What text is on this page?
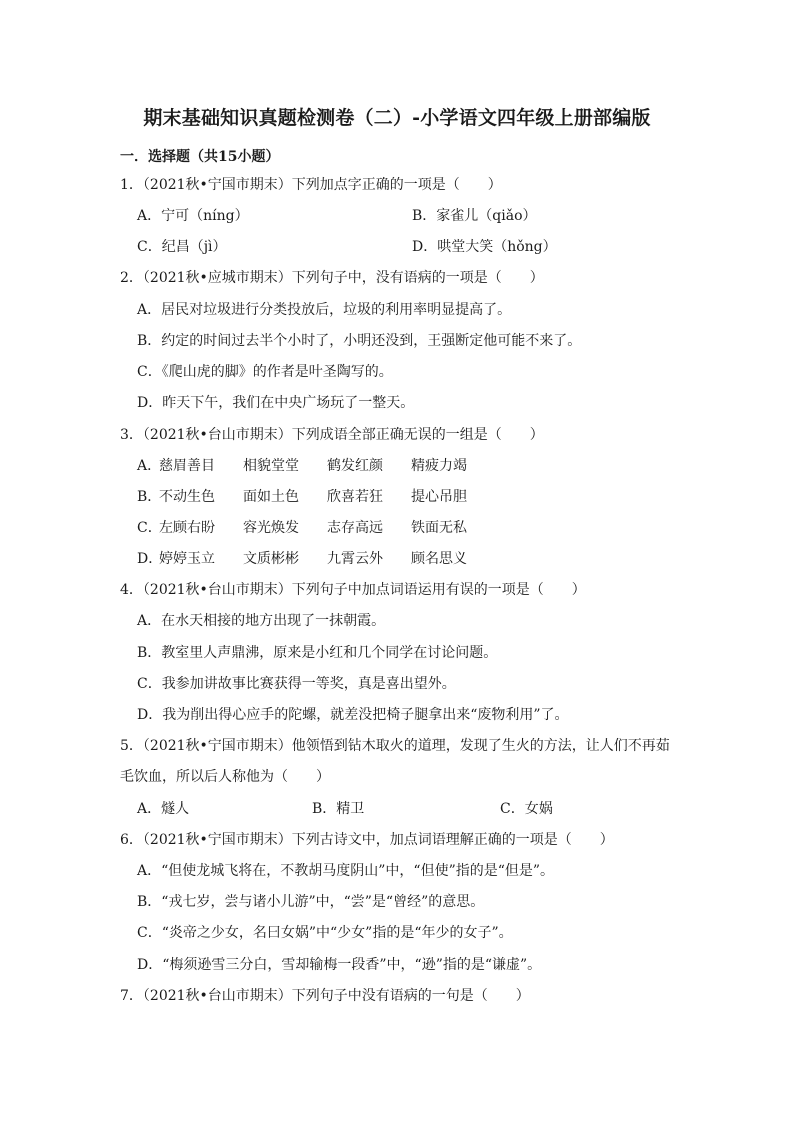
期末基础知识真题检测卷（二）-小学语文四年级上册部编版
一．选择题（共15小题）
1．（2021秋•宁国市期末）下列加点字正确的一项是（　　）
A．宁可（níng）	B．家雀儿（qiǎo）
C．纪昌（jì）	D．哄堂大笑（hǒng）
2．（2021秋•应城市期末）下列句子中，没有语病的一项是（　　）
A．居民对垃圾进行分类投放后，垃圾的利用率明显提高了。
B．约定的时间过去半个小时了，小明还没到，王强断定他可能不来了。
C．《爬山虎的脚》的作者是叶圣陶写的。
D．昨天下午，我们在中央广场玩了一整天。
3．（2021秋•台山市期末）下列成语全部正确无误的一组是（　　）
A．慈眉善目 相貌堂堂 鹤发红颜 精疲力竭
B．不动生色 面如土色 欣喜若狂 提心吊胆
C．左顾右盼 容光焕发 志存高远 铁面无私
D．婷婷玉立 文质彬彬 九霄云外 顾名思义
4．（2021秋•台山市期末）下列句子中加点词语运用有误的一项是（　　）
A．在水天相接的地方出现了一抹朝霞。
B．教室里人声鼎沸，原来是小红和几个同学在讨论问题。
C．我参加讲故事比赛获得一等奖，真是喜出望外。
D．我为削出得心应手的陀螺，就差没把椅子腿拿出来“废物利用”了。
5．（2021秋•宁国市期末）他领悟到钻木取火的道理，发现了生火的方法，让人们不再茹
毛饮血，所以后人称他为（　　）
A．燧人	B．精卫	C．女娲
6．（2021秋•宁国市期末）下列古诗文中，加点词语理解正确的一项是（　　）
A．“但使龙城飞将在，不教胡马度阴山”中，“但使”指的是“但是”。
B．“戎七岁，尝与诸小儿游”中，“尝”是“曾经”的意思。
C．“炎帝之少女，名曰女娲”中“少女”指的是“年少的女子”。
D．“梅须逊雪三分白，雪却输梅一段香”中，“逊”指的是“谦虚”。
7．（2021秋•台山市期末）下列句子中没有语病的一句是（　　）
